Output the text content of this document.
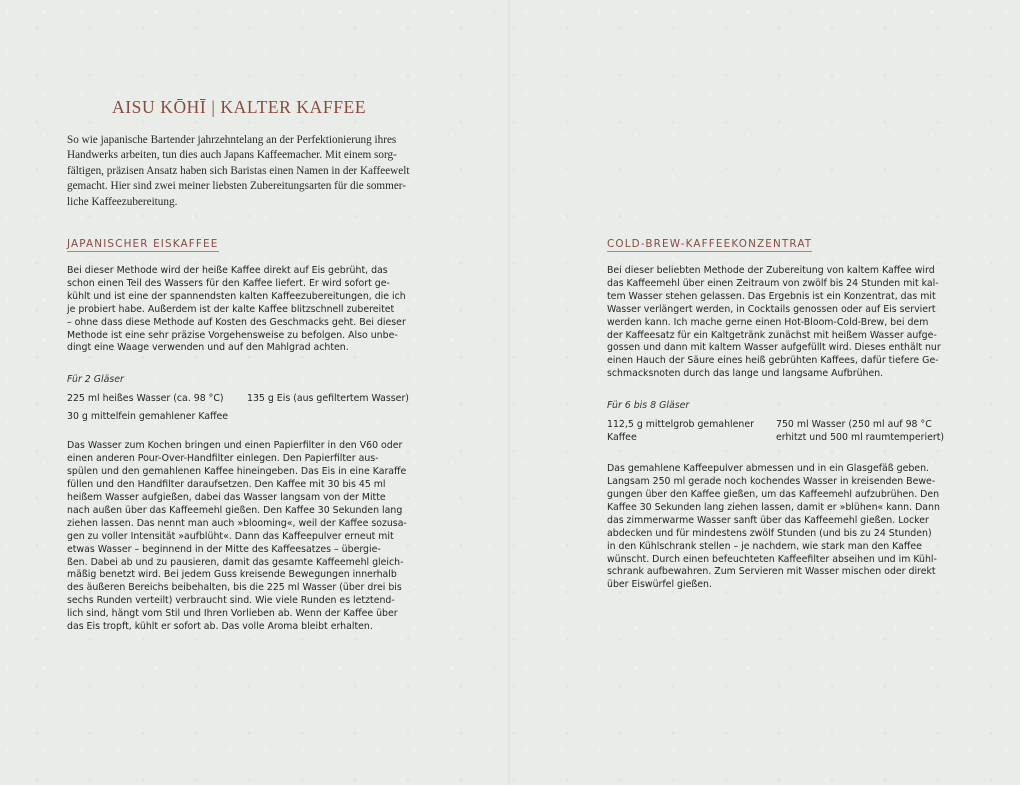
AISU KŌHĪ | KALTER KAFFEE
So wie japanische Bartender jahrzehntelang an der Perfektionierung ihres
Handwerks arbeiten, tun dies auch Japans Kaffeemacher. Mit einem sorg-
fältigen, präzisen Ansatz haben sich Baristas einen Namen in der Kaffeewelt
gemacht. Hier sind zwei meiner liebsten Zubereitungsarten für die sommer-
liche Kaffeezubereitung.
JAPANISCHER EISKAFFEE
Bei dieser Methode wird der heiße Kaffee direkt auf Eis gebrüht, das
schon einen Teil des Wassers für den Kaffee liefert. Er wird sofort ge-
kühlt und ist eine der spannendsten kalten Kaffeezubereitungen, die ich
je probiert habe. Außerdem ist der kalte Kaffee blitzschnell zubereitet
– ohne dass diese Methode auf Kosten des Geschmacks geht. Bei dieser
Methode ist eine sehr präzise Vorgehensweise zu befolgen. Also unbe-
dingt eine Waage verwenden und auf den Mahlgrad achten.
Für 2 Gläser
225 ml heißes Wasser (ca. 98 °C) 135 g Eis (aus gefiltertem Wasser)
30 g mittelfein gemahlener Kaffee
Das Wasser zum Kochen bringen und einen Papierfilter in den V60 oder
einen anderen Pour-Over-Handfilter einlegen. Den Papierfilter aus-
spülen und den gemahlenen Kaffee hineingeben. Das Eis in eine Karaffe
füllen und den Handfilter daraufsetzen. Den Kaffee mit 30 bis 45 ml
heißem Wasser aufgießen, dabei das Wasser langsam von der Mitte
nach außen über das Kaffeemehl gießen. Den Kaffee 30 Sekunden lang
ziehen lassen. Das nennt man auch »blooming«, weil der Kaffee sozusa-
gen zu voller Intensität »aufblüht«. Dann das Kaffeepulver erneut mit
etwas Wasser – beginnend in der Mitte des Kaffeesatzes – übergie-
ßen. Dabei ab und zu pausieren, damit das gesamte Kaffeemehl gleich-
mäßig benetzt wird. Bei jedem Guss kreisende Bewegungen innerhalb
des äußeren Bereichs beibehalten, bis die 225 ml Wasser (über drei bis
sechs Runden verteilt) verbraucht sind. Wie viele Runden es letztend-
lich sind, hängt vom Stil und Ihren Vorlieben ab. Wenn der Kaffee über
das Eis tropft, kühlt er sofort ab. Das volle Aroma bleibt erhalten.
COLD-BREW-KAFFEEKONZENTRAT
Bei dieser beliebten Methode der Zubereitung von kaltem Kaffee wird
das Kaffeemehl über einen Zeitraum von zwölf bis 24 Stunden mit kal-
tem Wasser stehen gelassen. Das Ergebnis ist ein Konzentrat, das mit
Wasser verlängert werden, in Cocktails genossen oder auf Eis serviert
werden kann. Ich mache gerne einen Hot-Bloom-Cold-Brew, bei dem
der Kaffeesatz für ein Kaltgetränk zunächst mit heißem Wasser aufge-
gossen und dann mit kaltem Wasser aufgefüllt wird. Dieses enthält nur
einen Hauch der Säure eines heiß gebrühten Kaffees, dafür tiefere Ge-
schmacksnoten durch das lange und langsame Aufbrühen.
Für 6 bis 8 Gläser
112,5 g mittelgrob gemahlener
Kaffee
750 ml Wasser (250 ml auf 98 °C
erhitzt und 500 ml raumtemperiert)
Das gemahlene Kaffeepulver abmessen und in ein Glasgefäß geben.
Langsam 250 ml gerade noch kochendes Wasser in kreisenden Bewe-
gungen über den Kaffee gießen, um das Kaffeemehl aufzubrühen. Den
Kaffee 30 Sekunden lang ziehen lassen, damit er »blühen« kann. Dann
das zimmerwarme Wasser sanft über das Kaffeemehl gießen. Locker
abdecken und für mindestens zwölf Stunden (und bis zu 24 Stunden)
in den Kühlschrank stellen – je nachdem, wie stark man den Kaffee
wünscht. Durch einen befeuchteten Kaffeefilter abseihen und im Kühl-
schrank aufbewahren. Zum Servieren mit Wasser mischen oder direkt
über Eiswürfel gießen.
